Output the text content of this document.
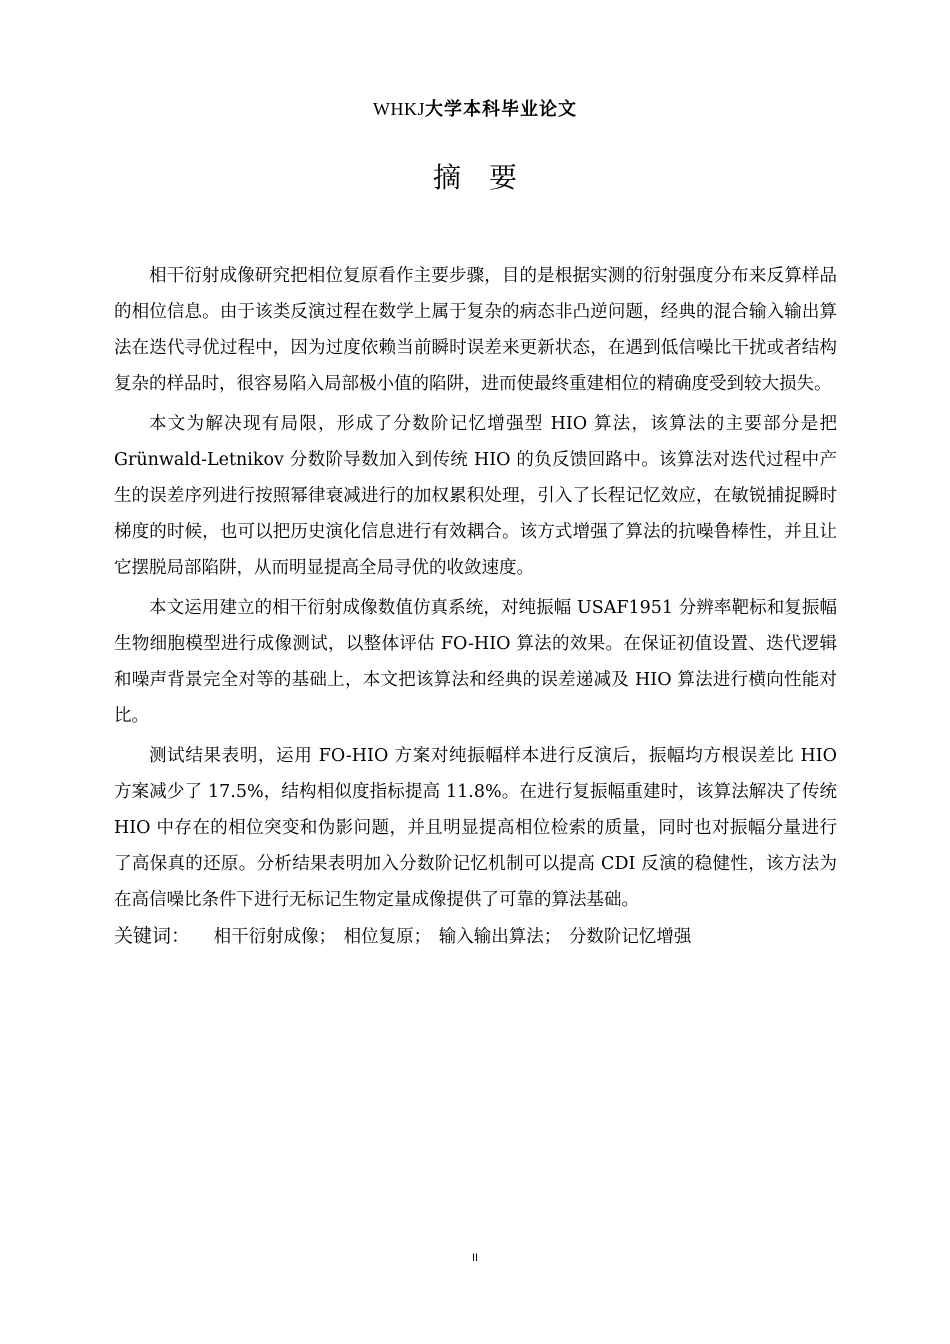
WHKJ大学本科毕业论文
摘要

相干衍射成像研究把相位复原看作主要步骤，目的是根据实测的衍射强度分布来反算样品的相位信息。由于该类反演过程在数学上属于复杂的病态非凸逆问题，经典的混合输入输出算法在迭代寻优过程中，因为过度依赖当前瞬时误差来更新状态，在遇到低信噪比干扰或者结构复杂的样品时，很容易陷入局部极小值的陷阱，进而使最终重建相位的精确度受到较大损失。

本文为解决现有局限，形成了分数阶记忆增强型 HIO 算法，该算法的主要部分是把 Grünwald-Letnikov 分数阶导数加入到传统 HIO 的负反馈回路中。该算法对迭代过程中产生的误差序列进行按照幂律衰减进行的加权累积处理，引入了长程记忆效应，在敏锐捕捉瞬时梯度的时候，也可以把历史演化信息进行有效耦合。该方式增强了算法的抗噪鲁棒性，并且让它摆脱局部陷阱，从而明显提高全局寻优的收敛速度。

本文运用建立的相干衍射成像数值仿真系统，对纯振幅 USAF1951 分辨率靶标和复振幅生物细胞模型进行成像测试，以整体评估 FO-HIO 算法的效果。在保证初值设置、迭代逻辑和噪声背景完全对等的基础上，本文把该算法和经典的误差递减及 HIO 算法进行横向性能对比。

测试结果表明，运用 FO-HIO 方案对纯振幅样本进行反演后，振幅均方根误差比 HIO 方案减少了 17.5%，结构相似度指标提高 11.8%。在进行复振幅重建时，该算法解决了传统 HIO 中存在的相位突变和伪影问题，并且明显提高相位检索的质量，同时也对振幅分量进行了高保真的还原。分析结果表明加入分数阶记忆机制可以提高 CDI 反演的稳健性，该方法为在高信噪比条件下进行无标记生物定量成像提供了可靠的算法基础。

关键词： 相干衍射成像； 相位复原； 输入输出算法； 分数阶记忆增强

II
